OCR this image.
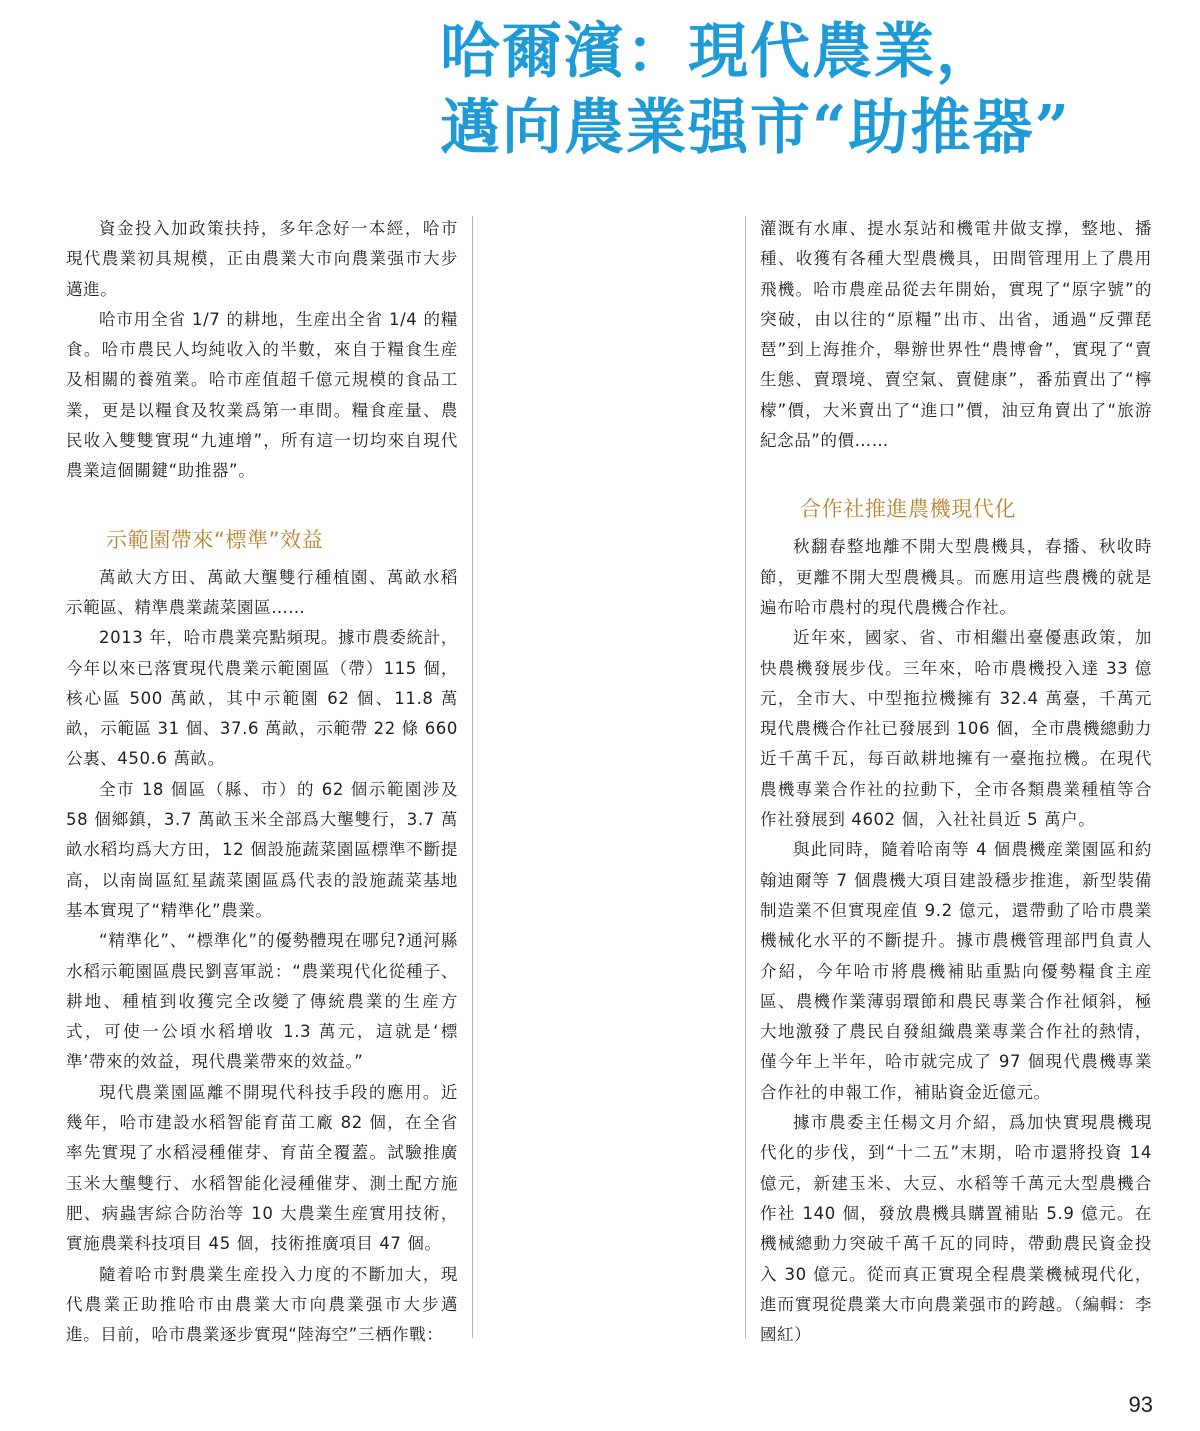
哈爾濱：現代農業，
邁向農業强市“助推器”

資金投入加政策扶持，多年念好一本經，哈市現代農業初具規模，正由農業大市向農業强市大步邁進。

哈市用全省 1/7 的耕地，生産出全省 1/4 的糧食。哈市農民人均純收入的半數，來自于糧食生産及相關的養殖業。哈市産值超千億元規模的食品工業，更是以糧食及牧業爲第一車間。糧食産量、農民收入雙雙實現“九連增”，所有這一切均來自現代農業這個關鍵“助推器”。

示範園帶來“標準”效益

萬畝大方田、萬畝大壟雙行種植園、萬畝水稻示範區、精準農業蔬菜園區……

2013 年，哈市農業亮點頻現。據市農委統計，今年以來已落實現代農業示範園區（帶）115 個，核心區 500 萬畝，其中示範園 62 個、11.8 萬畝，示範區 31 個、37.6 萬畝，示範帶 22 條 660 公裏、450.6 萬畝。

全市 18 個區（縣、市）的 62 個示範園涉及 58 個鄉鎮，3.7 萬畝玉米全部爲大壟雙行，3.7 萬畝水稻均爲大方田，12 個設施蔬菜園區標準不斷提高，以南崗區紅星蔬菜園區爲代表的設施蔬菜基地基本實現了“精準化”農業。

“精準化”、“標準化”的優勢體現在哪兒?通河縣水稻示範園區農民劉喜軍説：“農業現代化從種子、耕地、種植到收獲完全改變了傳統農業的生産方式，可使一公頃水稻增收 1.3 萬元，這就是‘標準’帶來的效益，現代農業帶來的效益。”

現代農業園區離不開現代科技手段的應用。近幾年，哈市建設水稻智能育苗工廠 82 個，在全省率先實現了水稻浸種催芽、育苗全覆蓋。試驗推廣玉米大壟雙行、水稻智能化浸種催芽、測土配方施肥、病蟲害綜合防治等 10 大農業生産實用技術，實施農業科技項目 45 個，技術推廣項目 47 個。

隨着哈市對農業生産投入力度的不斷加大，現代農業正助推哈市由農業大市向農業强市大步邁進。目前，哈市農業逐步實現“陸海空”三栖作戰：

灌溉有水庫、提水泵站和機電井做支撑，整地、播種、收獲有各種大型農機具，田間管理用上了農用飛機。哈市農産品從去年開始，實現了“原字號”的突破，由以往的“原糧”出市、出省，通過“反彈琵琶”到上海推介，舉辦世界性“農博會”，實現了“賣生態、賣環境、賣空氣、賣健康”，番茄賣出了“檸檬”價，大米賣出了“進口”價，油豆角賣出了“旅游紀念品”的價……

合作社推進農機現代化

秋翻春整地離不開大型農機具，春播、秋收時節，更離不開大型農機具。而應用這些農機的就是遍布哈市農村的現代農機合作社。

近年來，國家、省、市相繼出臺優惠政策，加快農機發展步伐。三年來，哈市農機投入達 33 億元，全市大、中型拖拉機擁有 32.4 萬臺，千萬元現代農機合作社已發展到 106 個，全市農機總動力近千萬千瓦，每百畝耕地擁有一臺拖拉機。在現代農機專業合作社的拉動下，全市各類農業種植等合作社發展到 4602 個，入社社員近 5 萬户。

與此同時，隨着哈南等 4 個農機産業園區和約翰迪爾等 7 個農機大項目建設穩步推進，新型裝備制造業不但實現産值 9.2 億元，還帶動了哈市農業機械化水平的不斷提升。據市農機管理部門負責人介紹，今年哈市將農機補貼重點向優勢糧食主産區、農機作業薄弱環節和農民專業合作社傾斜，極大地激發了農民自發組織農業專業合作社的熱情，僅今年上半年，哈市就完成了 97 個現代農機專業合作社的申報工作，補貼資金近億元。

據市農委主任楊文月介紹，爲加快實現農機現代化的步伐，到“十二五”末期，哈市還將投資 14 億元，新建玉米、大豆、水稻等千萬元大型農機合作社 140 個，發放農機具購置補貼 5.9 億元。在機械總動力突破千萬千瓦的同時，帶動農民資金投入 30 億元。從而真正實現全程農業機械現代化，進而實現從農業大市向農業强市的跨越。（編輯：李國紅）

93
